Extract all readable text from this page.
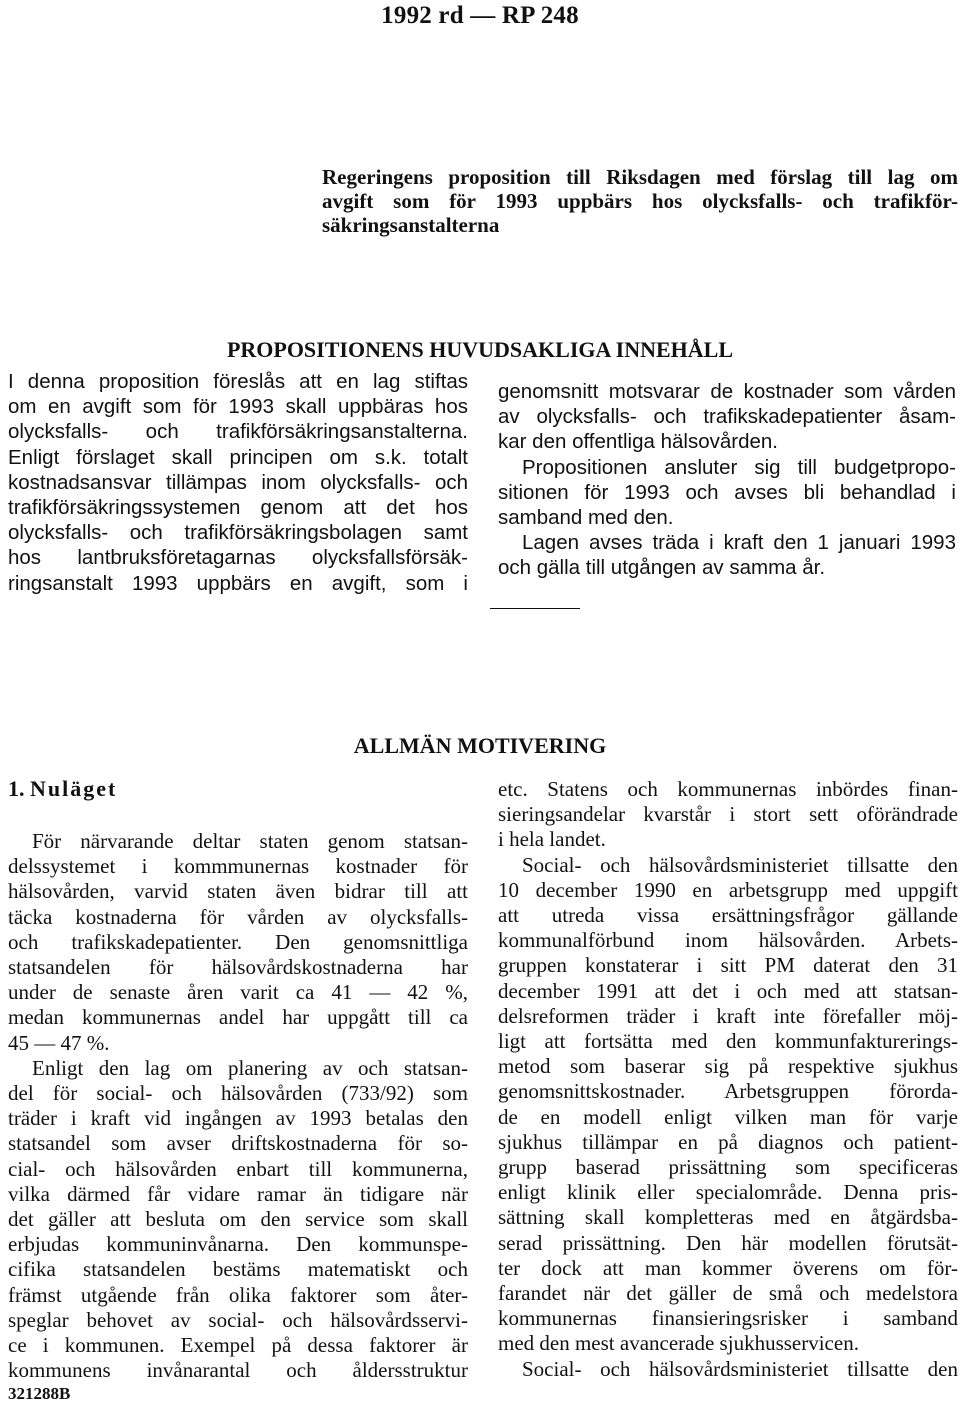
1992 rd — RP 248
Regeringens proposition till Riksdagen med förslag till lag om
avgift som för 1993 uppbärs hos olycksfalls- och trafikför-
säkringsanstalterna
PROPOSITIONENS HUVUDSAKLIGA INNEHÅLL
I denna proposition föreslås att en lag stiftas
om en avgift som för 1993 skall uppbäras hos
olycksfalls- och trafikförsäkringsanstalterna.
Enligt förslaget skall principen om s.k. totalt
kostnadsansvar tillämpas inom olycksfalls- och
trafikförsäkringssystemen genom att det hos
olycksfalls- och trafikförsäkringsbolagen samt
hos lantbruksföretagarnas olycksfallsförsäk-
ringsanstalt 1993 uppbärs en avgift, som i
genomsnitt motsvarar de kostnader som vården
av olycksfalls- och trafikskadepatienter åsam-
kar den offentliga hälsovården.
Propositionen ansluter sig till budgetpropo-
sitionen för 1993 och avses bli behandlad i
samband med den.
Lagen avses träda i kraft den 1 januari 1993
och gälla till utgången av samma år.
ALLMÄN MOTIVERING
1. Nuläget
För närvarande deltar staten genom statsan-
delssystemet i kommmunernas kostnader för
hälsovården, varvid staten även bidrar till att
täcka kostnaderna för vården av olycksfalls-
och trafikskadepatienter. Den genomsnittliga
statsandelen för hälsovårdskostnaderna har
under de senaste åren varit ca 41 — 42 %,
medan kommunernas andel har uppgått till ca
45 — 47 %.
Enligt den lag om planering av och statsan-
del för social- och hälsovården (733/92) som
träder i kraft vid ingången av 1993 betalas den
statsandel som avser driftskostnaderna för so-
cial- och hälsovården enbart till kommunerna,
vilka därmed får vidare ramar än tidigare när
det gäller att besluta om den service som skall
erbjudas kommuninvånarna. Den kommunspe-
cifika statsandelen bestäms matematiskt och
främst utgående från olika faktorer som åter-
speglar behovet av social- och hälsovårdsservi-
ce i kommunen. Exempel på dessa faktorer är
kommunens invånarantal och åldersstruktur
etc. Statens och kommunernas inbördes finan-
sieringsandelar kvarstår i stort sett oförändrade
i hela landet.
Social- och hälsovårdsministeriet tillsatte den
10 december 1990 en arbetsgrupp med uppgift
att utreda vissa ersättningsfrågor gällande
kommunalförbund inom hälsovården. Arbets-
gruppen konstaterar i sitt PM daterat den 31
december 1991 att det i och med att statsan-
delsreformen träder i kraft inte förefaller möj-
ligt att fortsätta med den kommunfakturerings-
metod som baserar sig på respektive sjukhus
genomsnittskostnader. Arbetsgruppen förorda-
de en modell enligt vilken man för varje
sjukhus tillämpar en på diagnos och patient-
grupp baserad prissättning som specificeras
enligt klinik eller specialområde. Denna pris-
sättning skall kompletteras med en åtgärdsba-
serad prissättning. Den här modellen förutsät-
ter dock att man kommer överens om för-
farandet när det gäller de små och medelstora
kommunernas finansieringsrisker i samband
med den mest avancerade sjukhusservicen.
Social- och hälsovårdsministeriet tillsatte den
321288B
